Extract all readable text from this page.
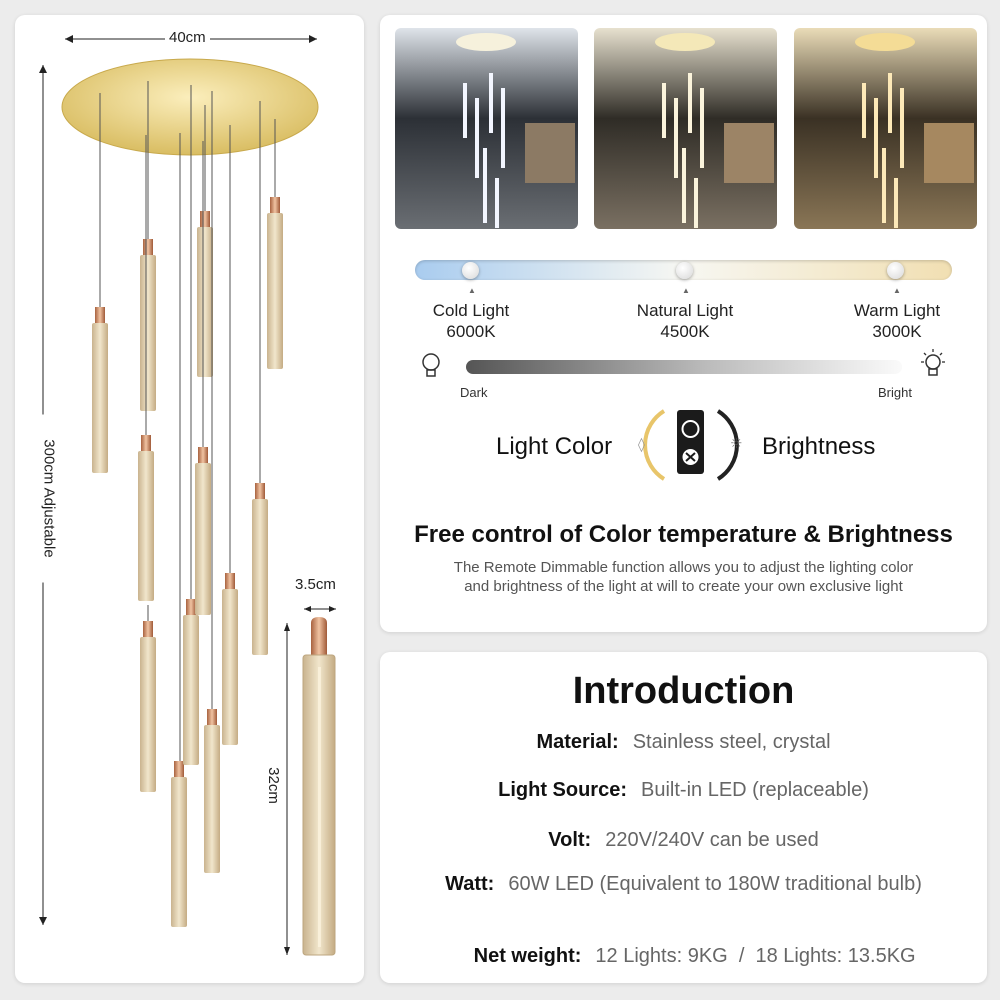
40cm
300cm Adjustable
3.5cm
32cm
▲	▲	▲
Cold Light
6000K
Natural Light
4500K
Warm Light
3000K
Dark	Bright
Light Color ◊	☼ Brightness
Free control of Color temperature & Brightness
The Remote Dimmable function allows you to adjust the lighting color
and brightness of the light at will to create your own exclusive light
Introduction
Material: Stainless steel, crystal
Light Source: Built-in LED (replaceable)
Volt: 220V/240V can be used
Watt: 60W LED (Equivalent to 180W traditional bulb)

Net weight: 12 Lights: 9KG  /  18 Lights: 13.5KG
